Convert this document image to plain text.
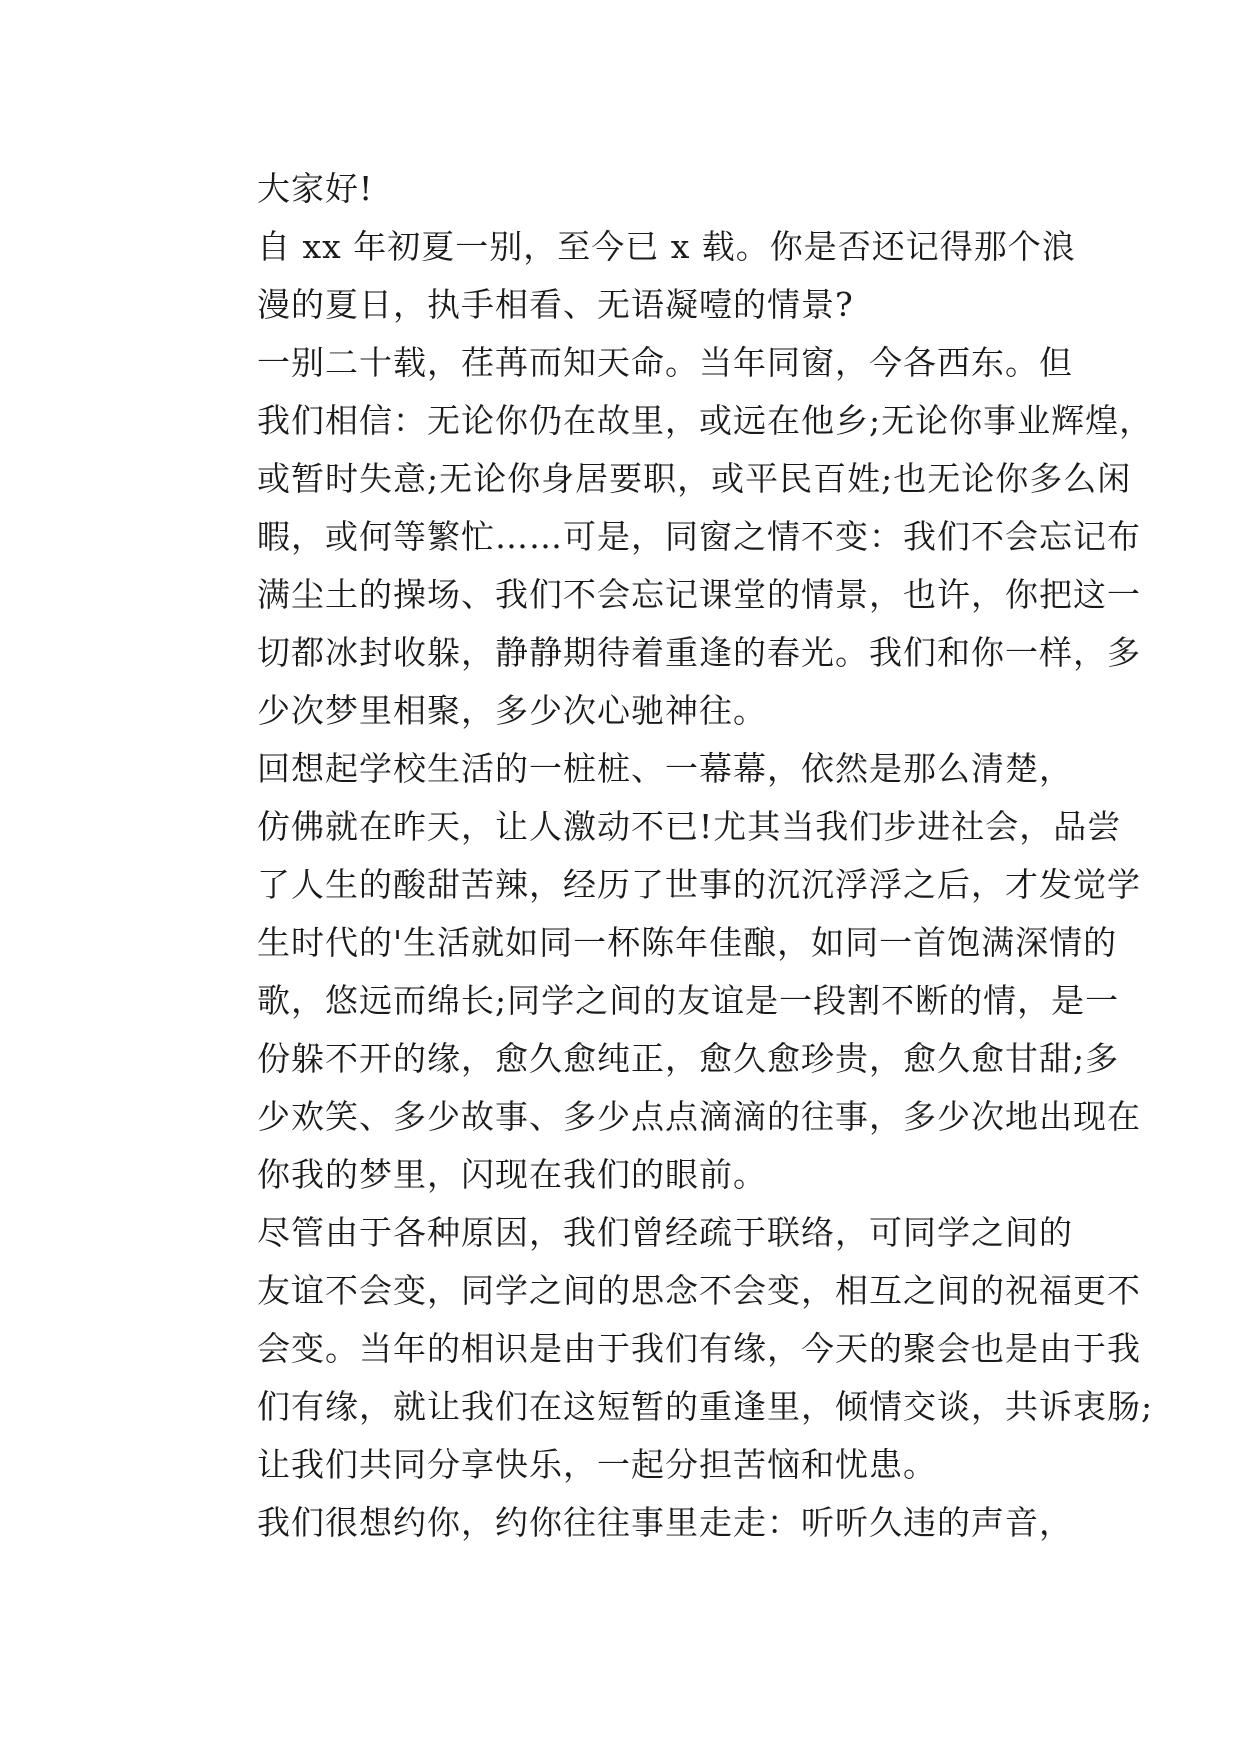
大家好!

自 xx 年初夏一别，至今已 x 载。你是否还记得那个浪
漫的夏日，执手相看、无语凝噎的情景?

一别二十载，荏苒而知天命。当年同窗，今各西东。但
我们相信：无论你仍在故里，或远在他乡;无论你事业辉煌，
或暂时失意;无论你身居要职，或平民百姓;也无论你多么闲
暇，或何等繁忙……可是，同窗之情不变：我们不会忘记布
满尘土的操场、我们不会忘记课堂的情景，也许，你把这一
切都冰封收躲，静静期待着重逢的春光。我们和你一样，多
少次梦里相聚，多少次心驰神往。

回想起学校生活的一桩桩、一幕幕，依然是那么清楚，
仿佛就在昨天，让人激动不已!尤其当我们步进社会，品尝
了人生的酸甜苦辣，经历了世事的沉沉浮浮之后，才发觉学
生时代的'生活就如同一杯陈年佳酿，如同一首饱满深情的
歌，悠远而绵长;同学之间的友谊是一段割不断的情，是一
份躲不开的缘，愈久愈纯正，愈久愈珍贵，愈久愈甘甜;多
少欢笑、多少故事、多少点点滴滴的往事，多少次地出现在
你我的梦里，闪现在我们的眼前。

尽管由于各种原因，我们曾经疏于联络，可同学之间的
友谊不会变，同学之间的思念不会变，相互之间的祝福更不
会变。当年的相识是由于我们有缘，今天的聚会也是由于我
们有缘，就让我们在这短暂的重逢里，倾情交谈，共诉衷肠;
让我们共同分享快乐，一起分担苦恼和忧患。

我们很想约你，约你往往事里走走：听听久违的声音，
